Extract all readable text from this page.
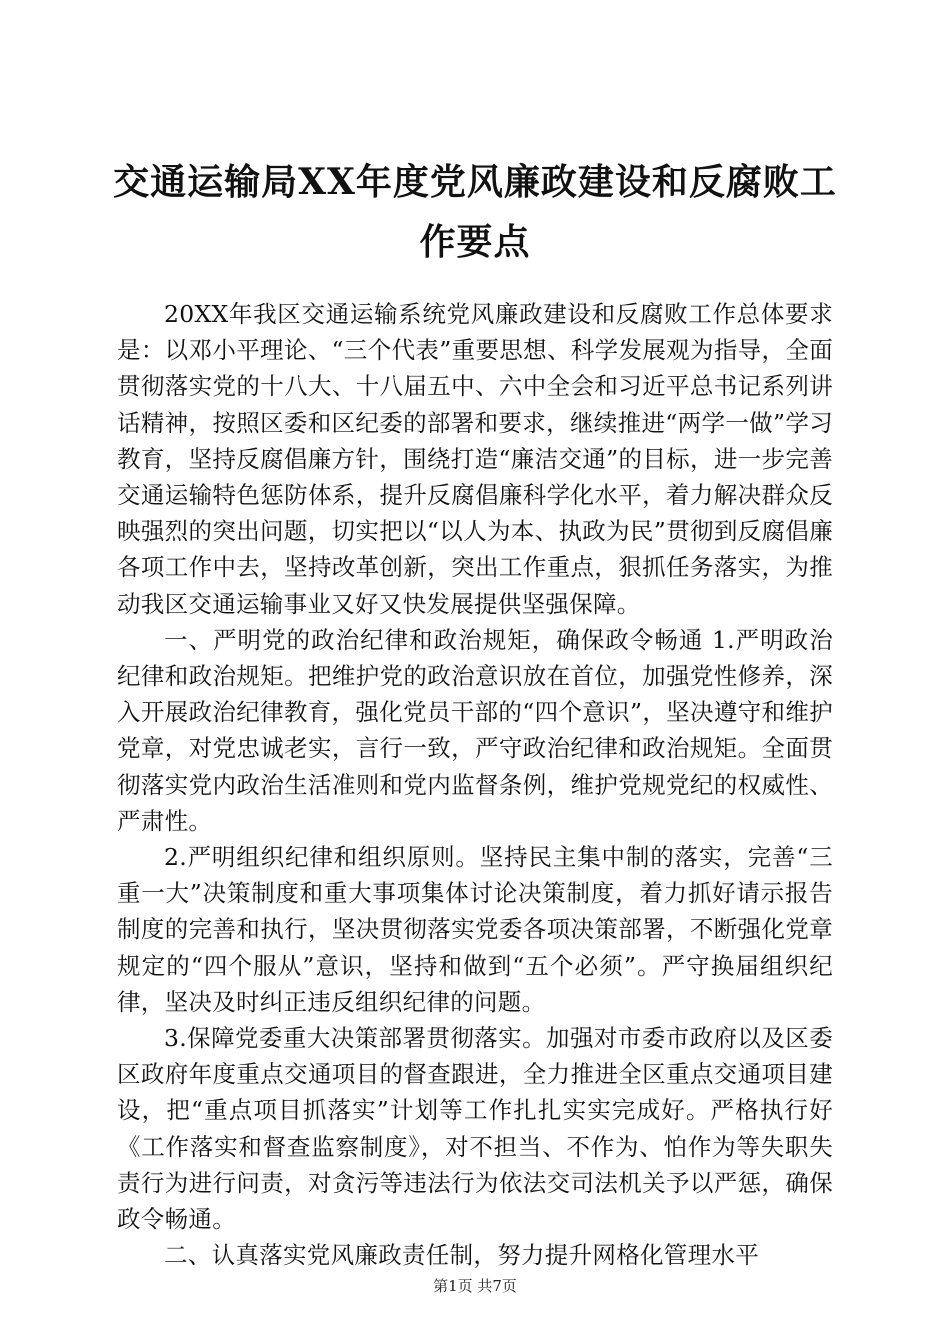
交通运输局XX年度党风廉政建设和反腐败工
作要点

20XX年我区交通运输系统党风廉政建设和反腐败工作总体要求是：以邓小平理论、“三个代表”重要思想、科学发展观为指导，全面贯彻落实党的十八大、十八届五中、六中全会和习近平总书记系列讲话精神，按照区委和区纪委的部署和要求，继续推进“两学一做”学习教育，坚持反腐倡廉方针，围绕打造“廉洁交通”的目标，进一步完善交通运输特色惩防体系，提升反腐倡廉科学化水平，着力解决群众反映强烈的突出问题，切实把以“以人为本、执政为民”贯彻到反腐倡廉各项工作中去，坚持改革创新，突出工作重点，狠抓任务落实，为推动我区交通运输事业又好又快发展提供坚强保障。

一、严明党的政治纪律和政治规矩，确保政令畅通 1.严明政治纪律和政治规矩。把维护党的政治意识放在首位，加强党性修养，深入开展政治纪律教育，强化党员干部的“四个意识”，坚决遵守和维护党章，对党忠诚老实，言行一致，严守政治纪律和政治规矩。全面贯彻落实党内政治生活准则和党内监督条例，维护党规党纪的权威性、严肃性。

2.严明组织纪律和组织原则。坚持民主集中制的落实，完善“三重一大”决策制度和重大事项集体讨论决策制度，着力抓好请示报告制度的完善和执行，坚决贯彻落实党委各项决策部署，不断强化党章规定的“四个服从”意识，坚持和做到“五个必须”。严守换届组织纪律，坚决及时纠正违反组织纪律的问题。

3.保障党委重大决策部署贯彻落实。加强对市委市政府以及区委区政府年度重点交通项目的督查跟进，全力推进全区重点交通项目建设，把“重点项目抓落实”计划等工作扎扎实实完成好。严格执行好《工作落实和督查监察制度》，对不担当、不作为、怕作为等失职失责行为进行问责，对贪污等违法行为依法交司法机关予以严惩，确保政令畅通。

二、认真落实党风廉政责任制，努力提升网格化管理水平

第1页 共7页
